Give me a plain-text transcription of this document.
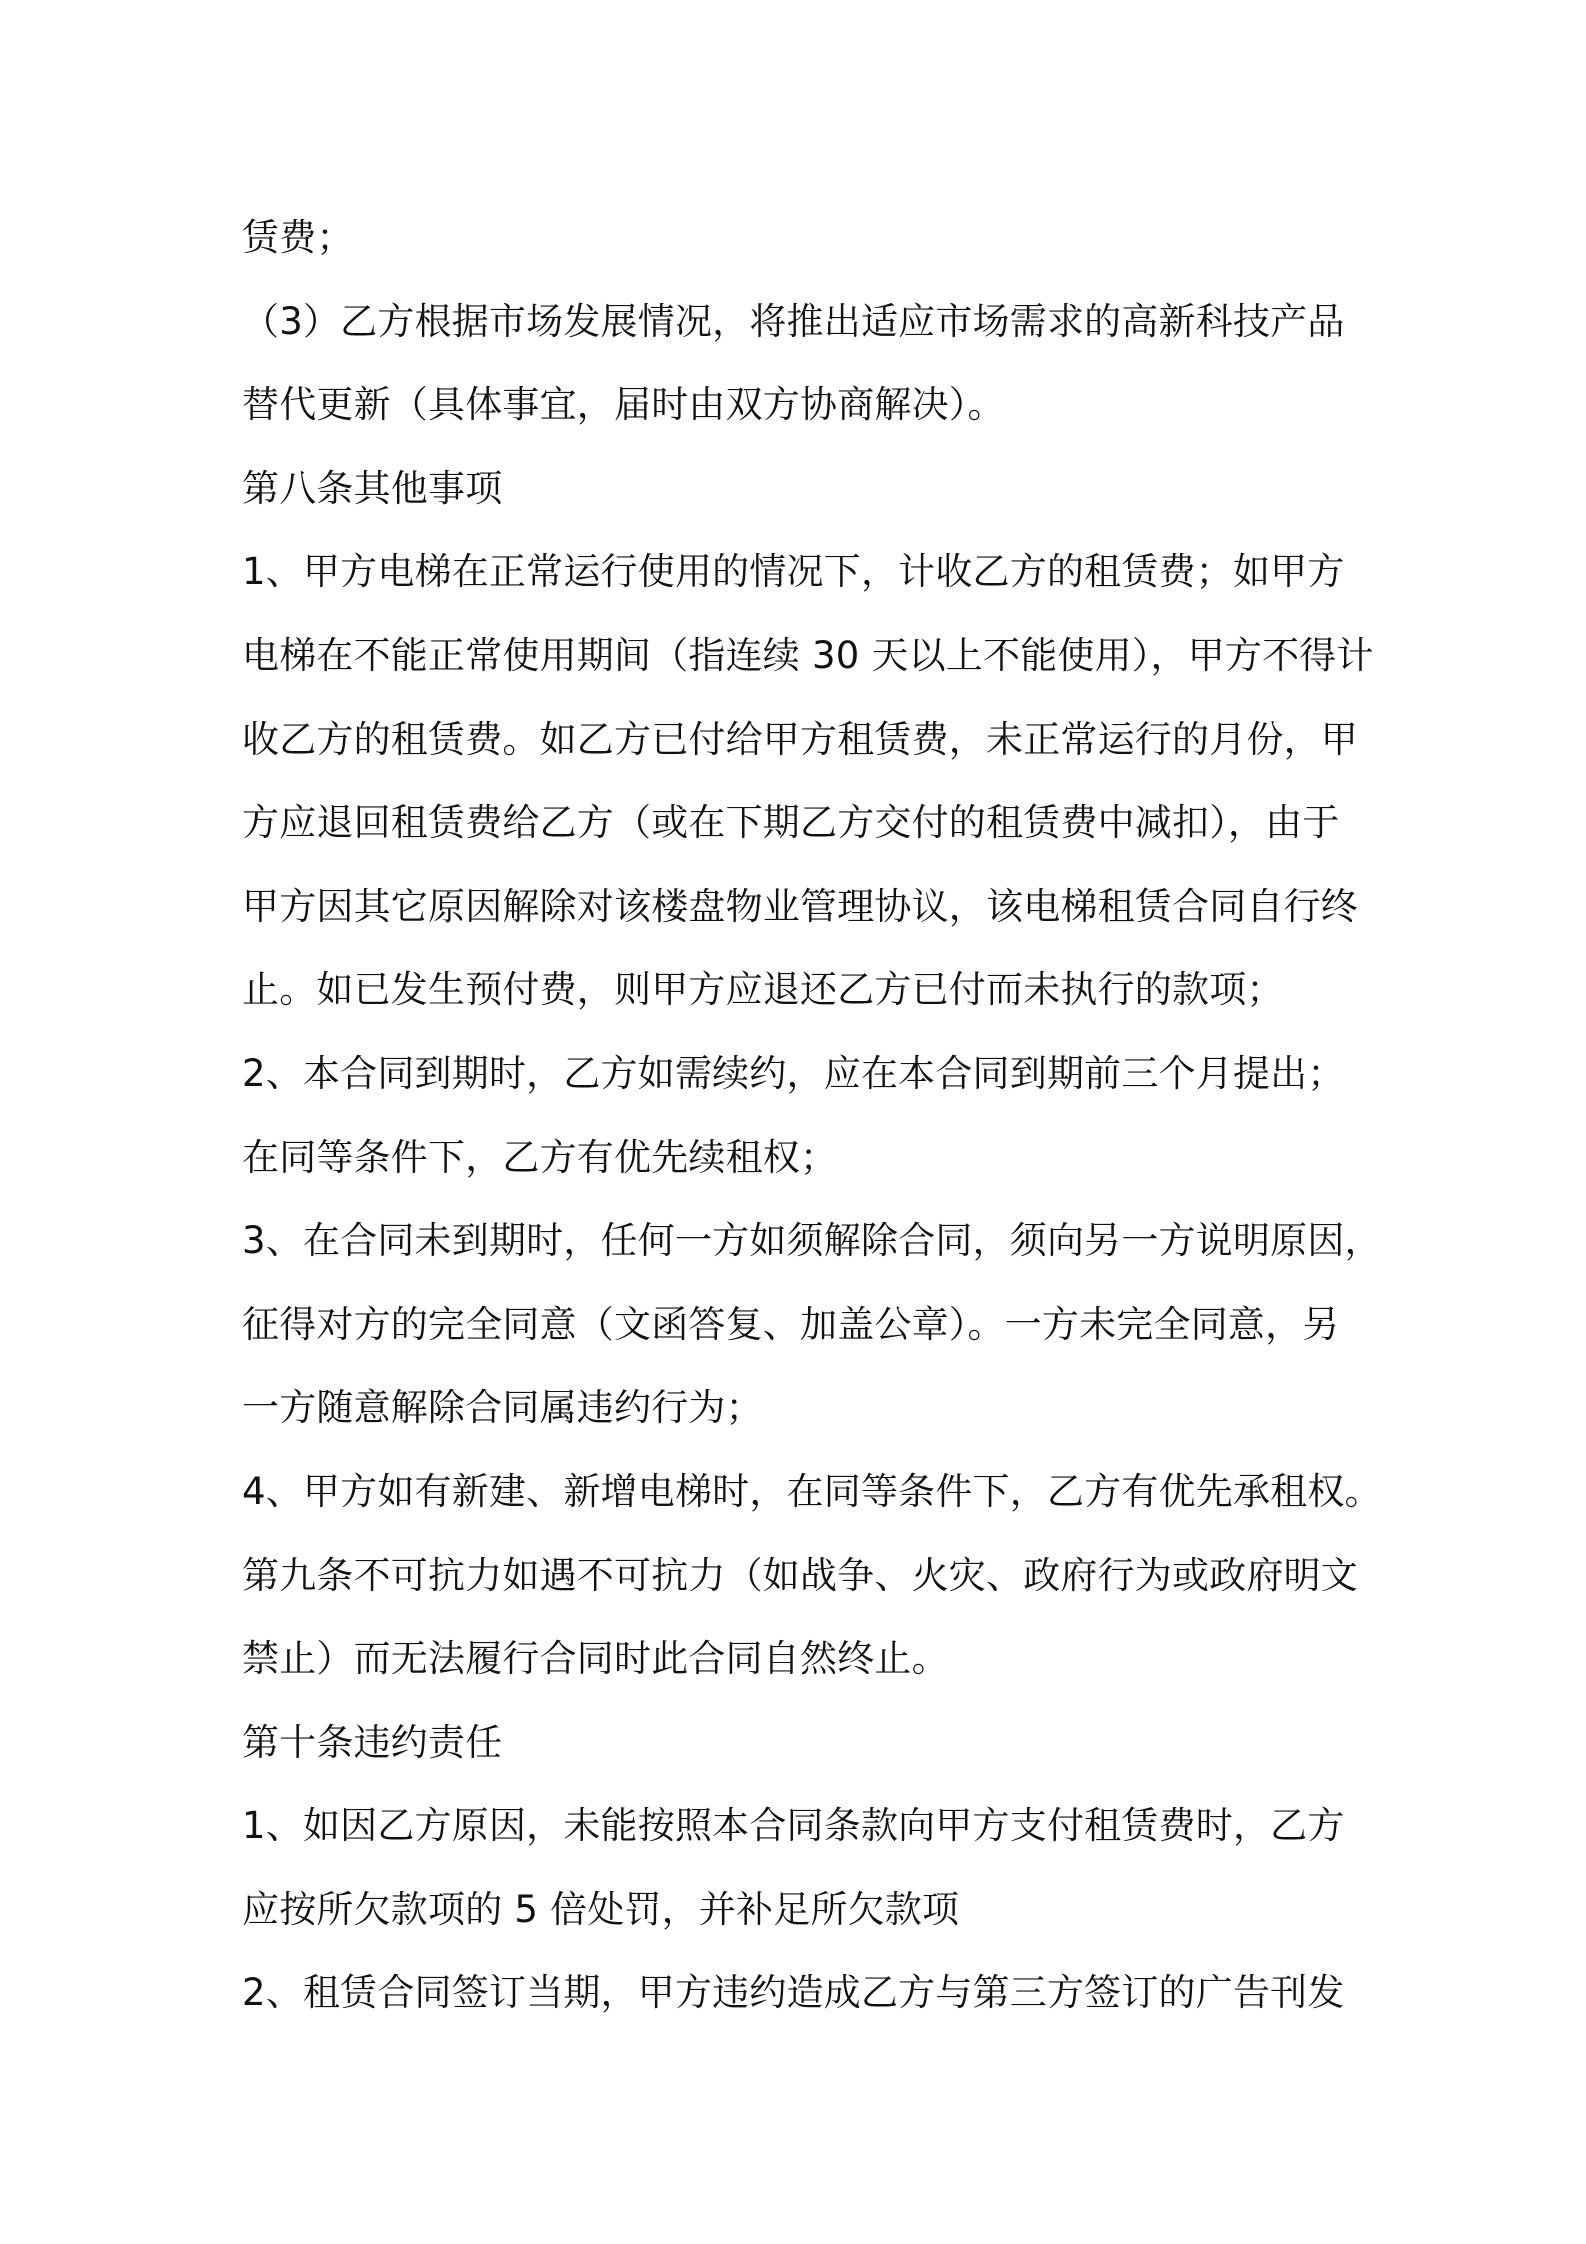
赁费；
（3）乙方根据市场发展情况，将推出适应市场需求的高新科技产品
替代更新（具体事宜，届时由双方协商解决）。
第八条其他事项
1、甲方电梯在正常运行使用的情况下，计收乙方的租赁费；如甲方
电梯在不能正常使用期间（指连续 30 天以上不能使用），甲方不得计
收乙方的租赁费。如乙方已付给甲方租赁费，未正常运行的月份，甲
方应退回租赁费给乙方（或在下期乙方交付的租赁费中减扣），由于
甲方因其它原因解除对该楼盘物业管理协议，该电梯租赁合同自行终
止。如已发生预付费，则甲方应退还乙方已付而未执行的款项；
2、本合同到期时，乙方如需续约，应在本合同到期前三个月提出；
在同等条件下，乙方有优先续租权；
3、在合同未到期时，任何一方如须解除合同，须向另一方说明原因，
征得对方的完全同意（文函答复、加盖公章）。一方未完全同意，另
一方随意解除合同属违约行为；
4、甲方如有新建、新增电梯时，在同等条件下，乙方有优先承租权。
第九条不可抗力如遇不可抗力（如战争、火灾、政府行为或政府明文
禁止）而无法履行合同时此合同自然终止。
第十条违约责任
1、如因乙方原因，未能按照本合同条款向甲方支付租赁费时，乙方
应按所欠款项的 5 倍处罚，并补足所欠款项
2、租赁合同签订当期，甲方违约造成乙方与第三方签订的广告刊发
